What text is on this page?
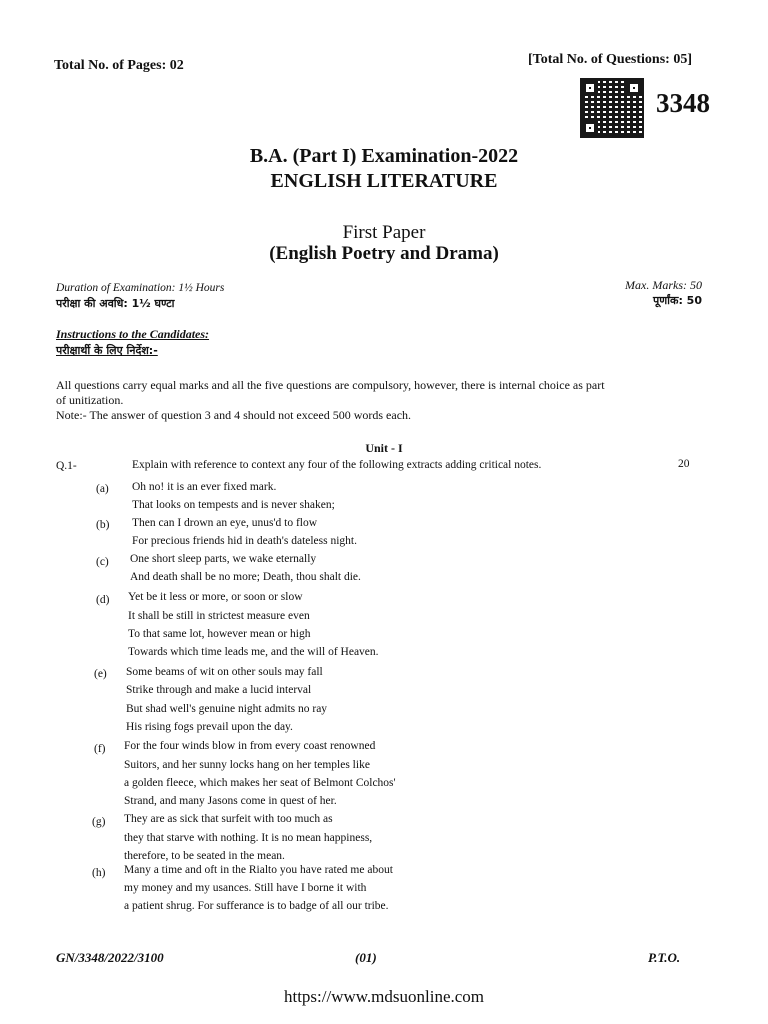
Total No. of Pages: 02	[Total No. of Questions: 05]
3348
B.A. (Part I) Examination-2022
ENGLISH LITERATURE
First Paper
(English Poetry and Drama)
Duration of Examination: 1½ Hours
परीक्षा की अवधि: 1½ घण्टा
Max. Marks: 50
पूर्णांक: 50
Instructions to the Candidates:
परीक्षार्थी के लिए निर्देश:-
All questions carry equal marks and all the five questions are compulsory, however, there is internal choice as part
of unitization.
Note:- The answer of question 3 and 4 should not exceed 500 words each.
Unit - I
Q.1-	Explain with reference to context any four of the following extracts adding critical notes.	20
(a) Oh no! it is an ever fixed mark.
That looks on tempests and is never shaken;
(b) Then can I drown an eye, unus'd to flow
For precious friends hid in death's dateless night.
(c) One short sleep parts, we wake eternally
And death shall be no more; Death, thou shalt die.
(d) Yet be it less or more, or soon or slow
It shall be still in strictest measure even
To that same lot, however mean or high
Towards which time leads me, and the will of Heaven.
(e) Some beams of wit on other souls may fall
Strike through and make a lucid interval
But shad well's genuine night admits no ray
His rising fogs prevail upon the day.
(f) For the four winds blow in from every coast renowned
Suitors, and her sunny locks hang on her temples like
a golden fleece, which makes her seat of Belmont Colchos'
Strand, and many Jasons come in quest of her.
(g) They are as sick that surfeit with too much as
they that starve with nothing. It is no mean happiness,
therefore, to be seated in the mean.
(h) Many a time and oft in the Rialto you have rated me about
my money and my usances. Still have I borne it with
a patient shrug. For sufferance is to badge of all our tribe.
GN/3348/2022/3100	(01)	P.T.O.
https://www.mdsuonline.com
